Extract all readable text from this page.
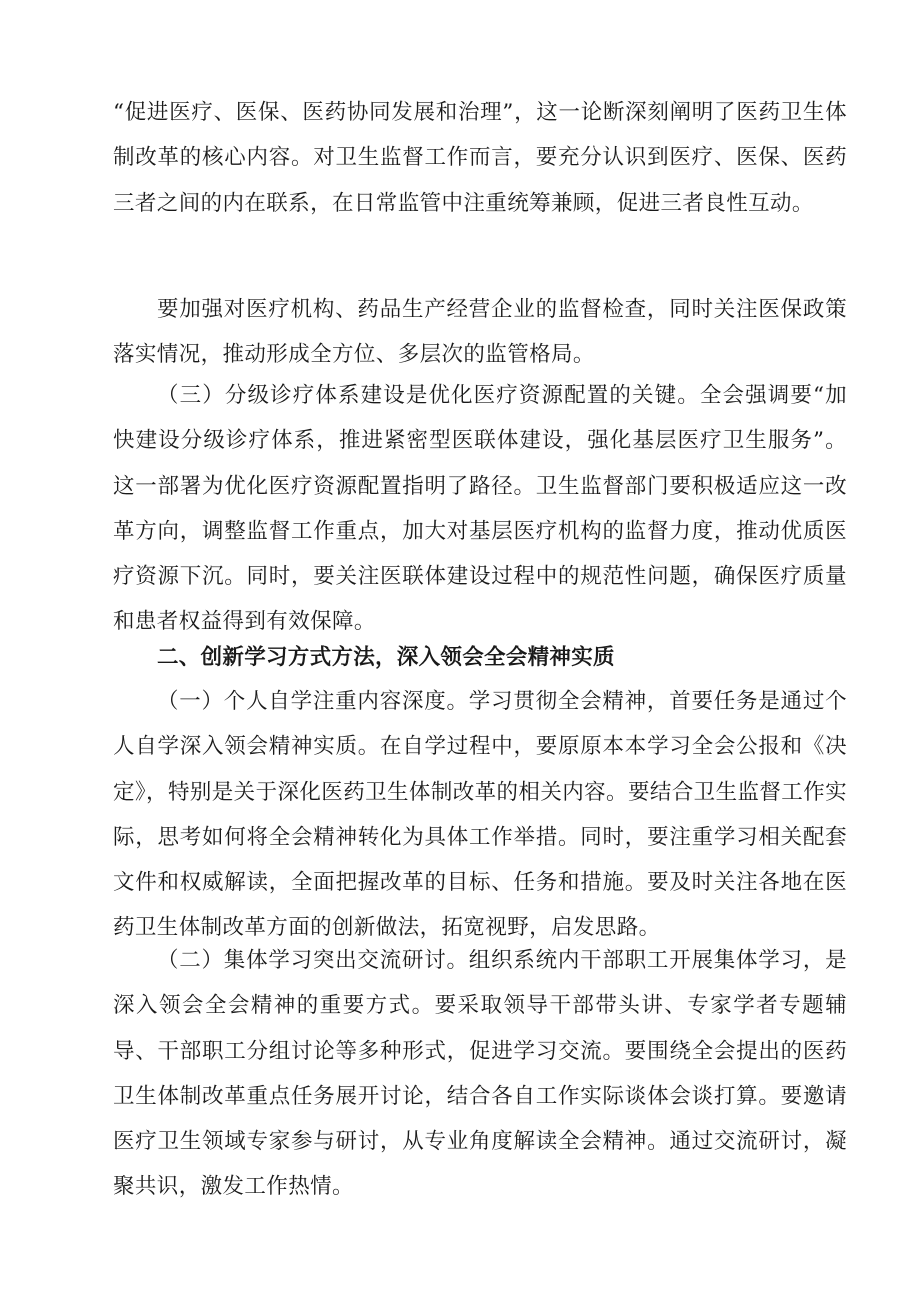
“促进医疗、医保、医药协同发展和治理”，这一论断深刻阐明了医药卫生体制改革的核心内容。对卫生监督工作而言，要充分认识到医疗、医保、医药三者之间的内在联系，在日常监管中注重统筹兼顾，促进三者良性互动。

要加强对医疗机构、药品生产经营企业的监督检查，同时关注医保政策落实情况，推动形成全方位、多层次的监管格局。

（三）分级诊疗体系建设是优化医疗资源配置的关键。全会强调要“加快建设分级诊疗体系，推进紧密型医联体建设，强化基层医疗卫生服务”。这一部署为优化医疗资源配置指明了路径。卫生监督部门要积极适应这一改革方向，调整监督工作重点，加大对基层医疗机构的监督力度，推动优质医疗资源下沉。同时，要关注医联体建设过程中的规范性问题，确保医疗质量和患者权益得到有效保障。

二、创新学习方式方法，深入领会全会精神实质

（一）个人自学注重内容深度。学习贯彻全会精神，首要任务是通过个人自学深入领会精神实质。在自学过程中，要原原本本学习全会公报和《决定》，特别是关于深化医药卫生体制改革的相关内容。要结合卫生监督工作实际，思考如何将全会精神转化为具体工作举措。同时，要注重学习相关配套文件和权威解读，全面把握改革的目标、任务和措施。要及时关注各地在医药卫生体制改革方面的创新做法，拓宽视野，启发思路。

（二）集体学习突出交流研讨。组织系统内干部职工开展集体学习，是深入领会全会精神的重要方式。要采取领导干部带头讲、专家学者专题辅导、干部职工分组讨论等多种形式，促进学习交流。要围绕全会提出的医药卫生体制改革重点任务展开讨论，结合各自工作实际谈体会谈打算。要邀请医疗卫生领域专家参与研讨，从专业角度解读全会精神。通过交流研讨，凝聚共识，激发工作热情。
